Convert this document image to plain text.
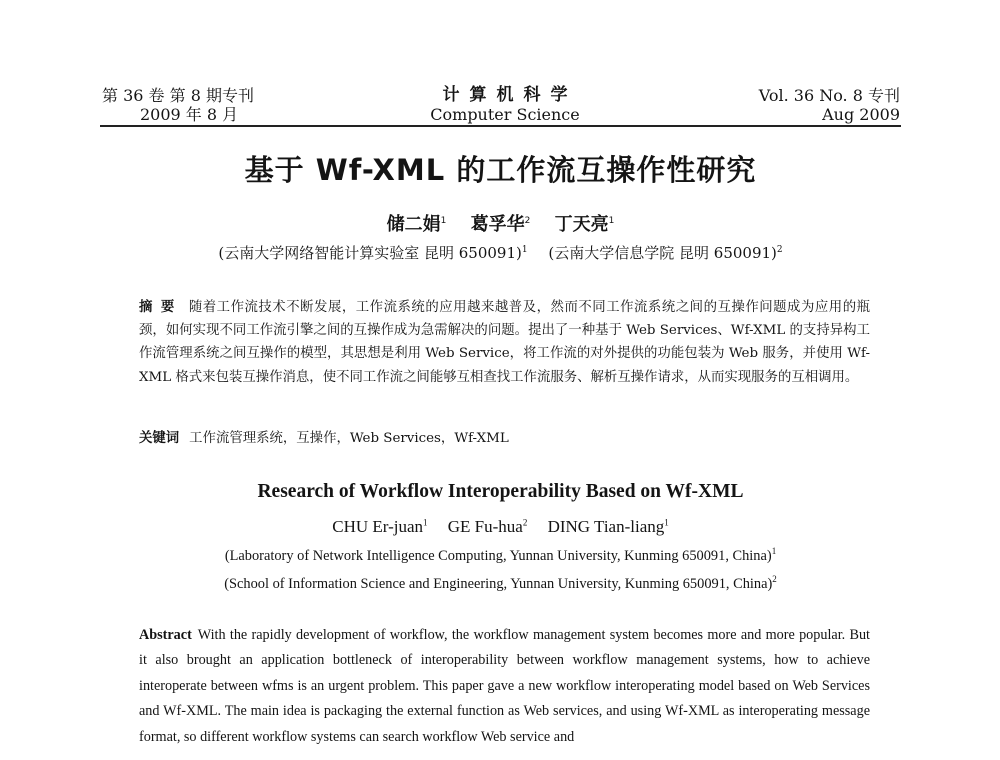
第 36 卷 第 8 期专刊
2009 年 8 月
计算机科学
Computer Science
Vol. 36 No. 8 专刊
Aug 2009
基于 Wf-XML 的工作流互操作性研究
储二娟$^1$ 葛孚华$^2$ 丁天亮$^1$
(云南大学网络智能计算实验室 昆明 650091)$^1$ (云南大学信息学院 昆明 650091)$^2$
摘要 随着工作流技术不断发展，工作流系统的应用越来越普及，然而不同工作流系统之间的互操作问题成为应用的瓶颈，如何实现不同工作流引擎之间的互操作成为急需解决的问题。提出了一种基于 Web Services、Wf-XML 的支持异构工作流管理系统之间互操作的模型，其思想是利用 Web Service，将工作流的对外提供的功能包装为 Web 服务，并使用 Wf-XML 格式来包装互操作消息，使不同工作流之间能够互相查找工作流服务、解析互操作请求，从而实现服务的互相调用。
关键词 工作流管理系统，互操作，Web Services，Wf-XML
Research of Workflow Interoperability Based on Wf-XML
CHU Er-juan$^1$ GE Fu-hua$^2$ DING Tian-liang$^1$
(Laboratory of Network Intelligence Computing, Yunnan University, Kunming 650091, China)$^1$
(School of Information Science and Engineering, Yunnan University, Kunming 650091, China)$^2$
Abstract With the rapidly development of workflow, the workflow management system becomes more and more popular. But it also brought an application bottleneck of interoperability between workflow management systems, how to achieve interoperate between wfms is an urgent problem. This paper gave a new workflow interoperating model based on Web Services and Wf-XML. The main idea is packaging the external function as Web services, and using Wf-XML as interoperating message format, so different workflow systems can search workflow Web service and
